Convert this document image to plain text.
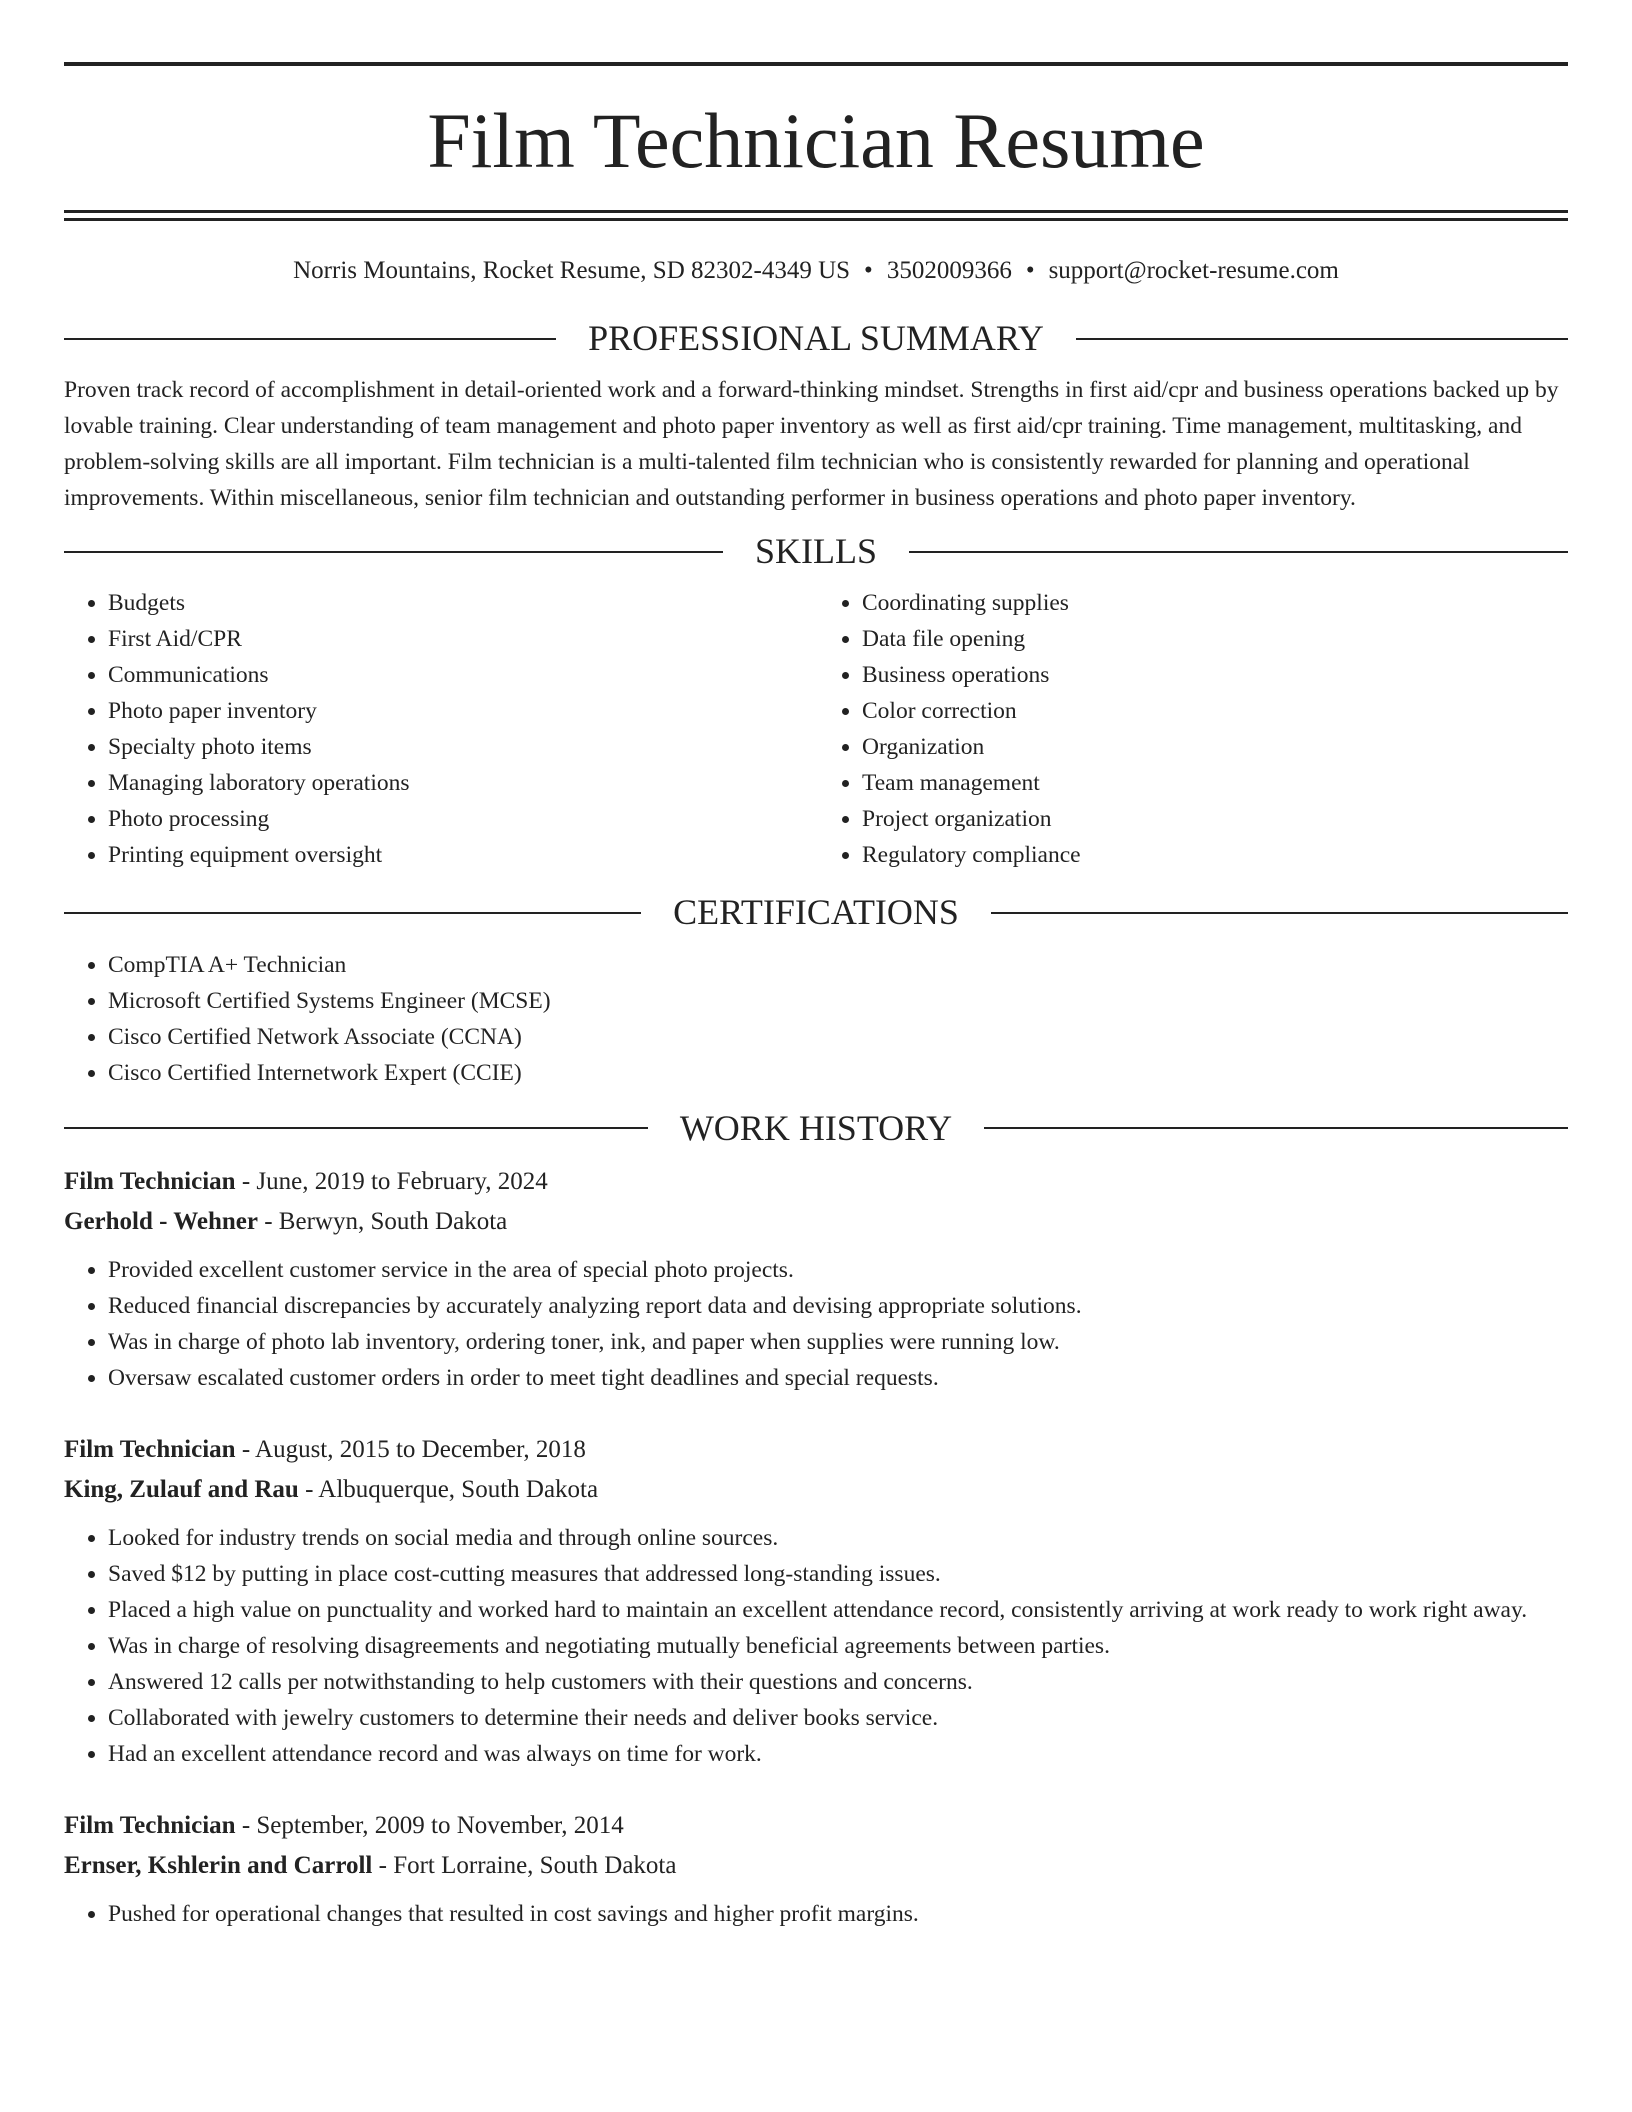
Film Technician Resume
Norris Mountains, Rocket Resume, SD 82302-4349 US • 3502009366 • support@rocket-resume.com
PROFESSIONAL SUMMARY

Proven track record of accomplishment in detail-oriented work and a forward-thinking mindset. Strengths in first aid/cpr and business operations backed up by lovable training. Clear understanding of team management and photo paper inventory as well as first aid/cpr training. Time management, multitasking, and problem-solving skills are all important. Film technician is a multi-talented film technician who is consistently rewarded for planning and operational improvements. Within miscellaneous, senior film technician and outstanding performer in business operations and photo paper inventory.

SKILLS
• Budgets
• First Aid/CPR
• Communications
• Photo paper inventory
• Specialty photo items
• Managing laboratory operations
• Photo processing
• Printing equipment oversight
• Coordinating supplies
• Data file opening
• Business operations
• Color correction
• Organization
• Team management
• Project organization
• Regulatory compliance
CERTIFICATIONS
• CompTIA A+ Technician
• Microsoft Certified Systems Engineer (MCSE)
• Cisco Certified Network Associate (CCNA)
• Cisco Certified Internetwork Expert (CCIE)
WORK HISTORY
Film Technician - June, 2019 to February, 2024
Gerhold - Wehner - Berwyn, South Dakota
• Provided excellent customer service in the area of special photo projects.
• Reduced financial discrepancies by accurately analyzing report data and devising appropriate solutions.
• Was in charge of photo lab inventory, ordering toner, ink, and paper when supplies were running low.
• Oversaw escalated customer orders in order to meet tight deadlines and special requests.
Film Technician - August, 2015 to December, 2018
King, Zulauf and Rau - Albuquerque, South Dakota
• Looked for industry trends on social media and through online sources.
• Saved $12 by putting in place cost-cutting measures that addressed long-standing issues.
• Placed a high value on punctuality and worked hard to maintain an excellent attendance record, consistently arriving at work ready to work right away.
• Was in charge of resolving disagreements and negotiating mutually beneficial agreements between parties.
• Answered 12 calls per notwithstanding to help customers with their questions and concerns.
• Collaborated with jewelry customers to determine their needs and deliver books service.
• Had an excellent attendance record and was always on time for work.
Film Technician - September, 2009 to November, 2014
Ernser, Kshlerin and Carroll - Fort Lorraine, South Dakota
• Pushed for operational changes that resulted in cost savings and higher profit margins.
